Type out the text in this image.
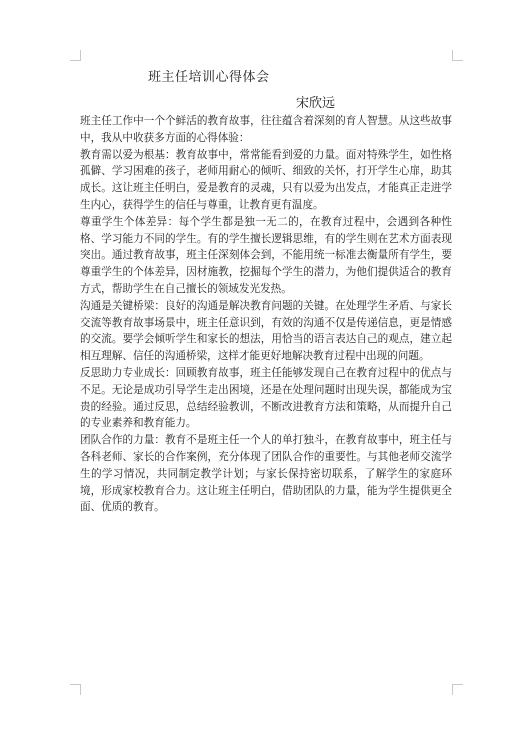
班主任培训心得体会
宋欣远

班主任工作中一个个鲜活的教育故事，往往蕴含着深刻的育人智慧。从这些故事中，我从中收获多方面的心得体验：

教育需以爱为根基：教育故事中，常常能看到爱的力量。面对特殊学生，如性格孤僻、学习困难的孩子，老师用耐心的倾听、细致的关怀，打开学生心扉，助其成长。这让班主任明白，爱是教育的灵魂，只有以爱为出发点，才能真正走进学生内心，获得学生的信任与尊重，让教育更有温度。

尊重学生个体差异：每个学生都是独一无二的，在教育过程中，会遇到各种性格、学习能力不同的学生。有的学生擅长逻辑思维，有的学生则在艺术方面表现突出。通过教育故事，班主任深刻体会到，不能用统一标准去衡量所有学生，要尊重学生的个体差异，因材施教，挖掘每个学生的潜力，为他们提供适合的教育方式，帮助学生在自己擅长的领域发光发热。

沟通是关键桥梁：良好的沟通是解决教育问题的关键。在处理学生矛盾、与家长交流等教育故事场景中，班主任意识到，有效的沟通不仅是传递信息，更是情感的交流。要学会倾听学生和家长的想法，用恰当的语言表达自己的观点，建立起相互理解、信任的沟通桥梁，这样才能更好地解决教育过程中出现的问题。

反思助力专业成长：回顾教育故事，班主任能够发现自己在教育过程中的优点与不足。无论是成功引导学生走出困境，还是在处理问题时出现失误，都能成为宝贵的经验。通过反思，总结经验教训，不断改进教育方法和策略，从而提升自己的专业素养和教育能力。

团队合作的力量：教育不是班主任一个人的单打独斗，在教育故事中，班主任与各科老师、家长的合作案例，充分体现了团队合作的重要性。与其他老师交流学生的学习情况，共同制定教学计划；与家长保持密切联系，了解学生的家庭环境，形成家校教育合力。这让班主任明白，借助团队的力量，能为学生提供更全面、优质的教育。
